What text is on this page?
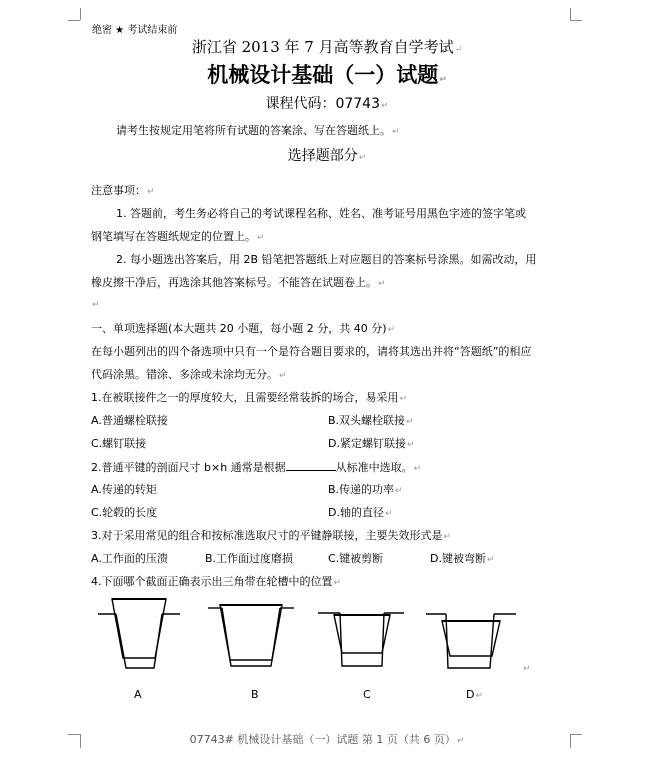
绝密 ★ 考试结束前
浙江省 2013 年 7 月高等教育自学考试↵
机械设计基础（一）试题↵
课程代码：07743↵
请考生按规定用笔将所有试题的答案涂、写在答题纸上。↵
选择题部分↵
注意事项：↵
1. 答题前，考生务必将自己的考试课程名称、姓名、准考证号用黑色字迹的签字笔或
钢笔填写在答题纸规定的位置上。↵
2. 每小题选出答案后，用 2B 铅笔把答题纸上对应题目的答案标号涂黑。如需改动，用
橡皮擦干净后，再选涂其他答案标号。不能答在试题卷上。↵
↵
一、单项选择题(本大题共 20 小题，每小题 2 分，共 40 分)↵
在每小题列出的四个备选项中只有一个是符合题目要求的，请将其选出并将“答题纸”的相应
代码涂黑。错涂、多涂或未涂均无分。↵
1.在被联接件之一的厚度较大，且需要经常装拆的场合，易采用↵
A.普通螺栓联接	B.双头螺栓联接↵
C.螺钉联接	D.紧定螺钉联接↵
2.普通平键的剖面尺寸 b×h 通常是根据	从标准中选取。↵
A.传递的转矩	B.传递的功率↵
C.轮毂的长度	D.轴的直径↵
3.对于采用常见的组合和按标准选取尺寸的平键静联接，主要失效形式是↵
A.工作面的压溃	B.工作面过度磨损	C.键被剪断	D.键被弯断↵
4.下面哪个截面正确表示出三角带在轮槽中的位置↵
↵
A	B	C	D↵
07743# 机械设计基础（一）试题 第 1 页（共 6 页）↵
